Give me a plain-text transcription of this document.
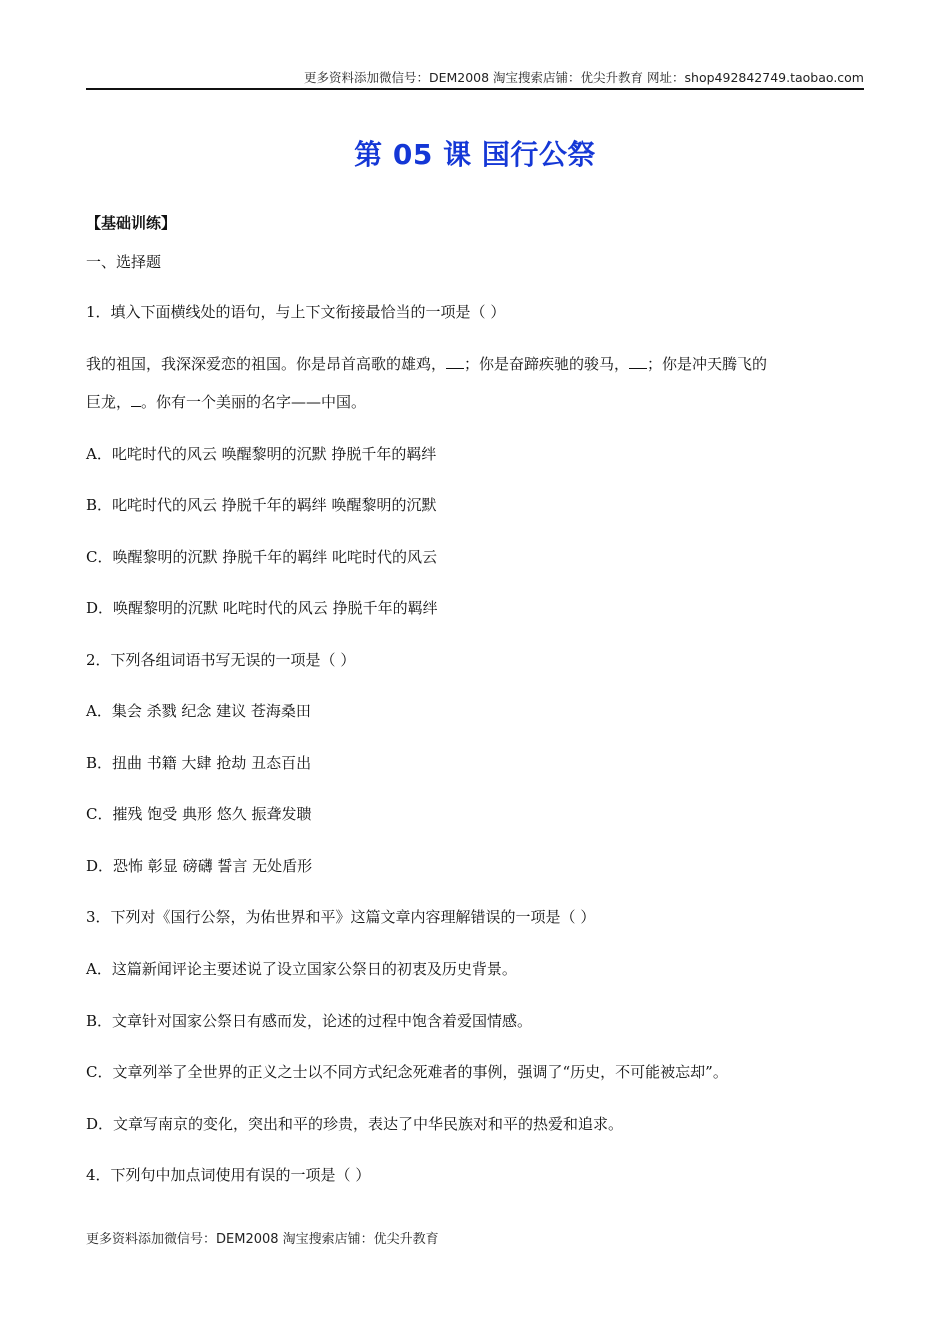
更多资料添加微信号：DEM2008 淘宝搜索店铺：优尖升教育 网址：shop492842749.taobao.com
第 05 课 国行公祭
【基础训练】
一、选择题
1．填入下面横线处的语句，与上下文衔接最恰当的一项是（ ）
我的祖国，我深深爱恋的祖国。你是昂首高歌的雄鸡， ；你是奋蹄疾驰的骏马， ；你是冲天腾飞的
巨龙， 。你有一个美丽的名字——中国。
A．叱咤时代的风云 唤醒黎明的沉默 挣脱千年的羁绊
B．叱咤时代的风云 挣脱千年的羁绊 唤醒黎明的沉默
C．唤醒黎明的沉默 挣脱千年的羁绊 叱咤时代的风云
D．唤醒黎明的沉默 叱咤时代的风云 挣脱千年的羁绊
2．下列各组词语书写无误的一项是（ ）
A．集会 杀戮 纪念 建议 苍海桑田
B．扭曲 书籍 大肆 抢劫 丑态百出
C．摧残 饱受 典形 悠久 振聋发聩
D．恐怖 彰显 磅礴 誓言 无处盾形
3．下列对《国行公祭，为佑世界和平》这篇文章内容理解错误的一项是（ ）
A．这篇新闻评论主要述说了设立国家公祭日的初衷及历史背景。
B．文章针对国家公祭日有感而发，论述的过程中饱含着爱国情感。
C．文章列举了全世界的正义之士以不同方式纪念死难者的事例，强调了“历史，不可能被忘却”。
D．文章写南京的变化，突出和平的珍贵，表达了中华民族对和平的热爱和追求。
4．下列句中加点词使用有误的一项是（ ）
更多资料添加微信号：DEM2008 淘宝搜索店铺：优尖升教育
